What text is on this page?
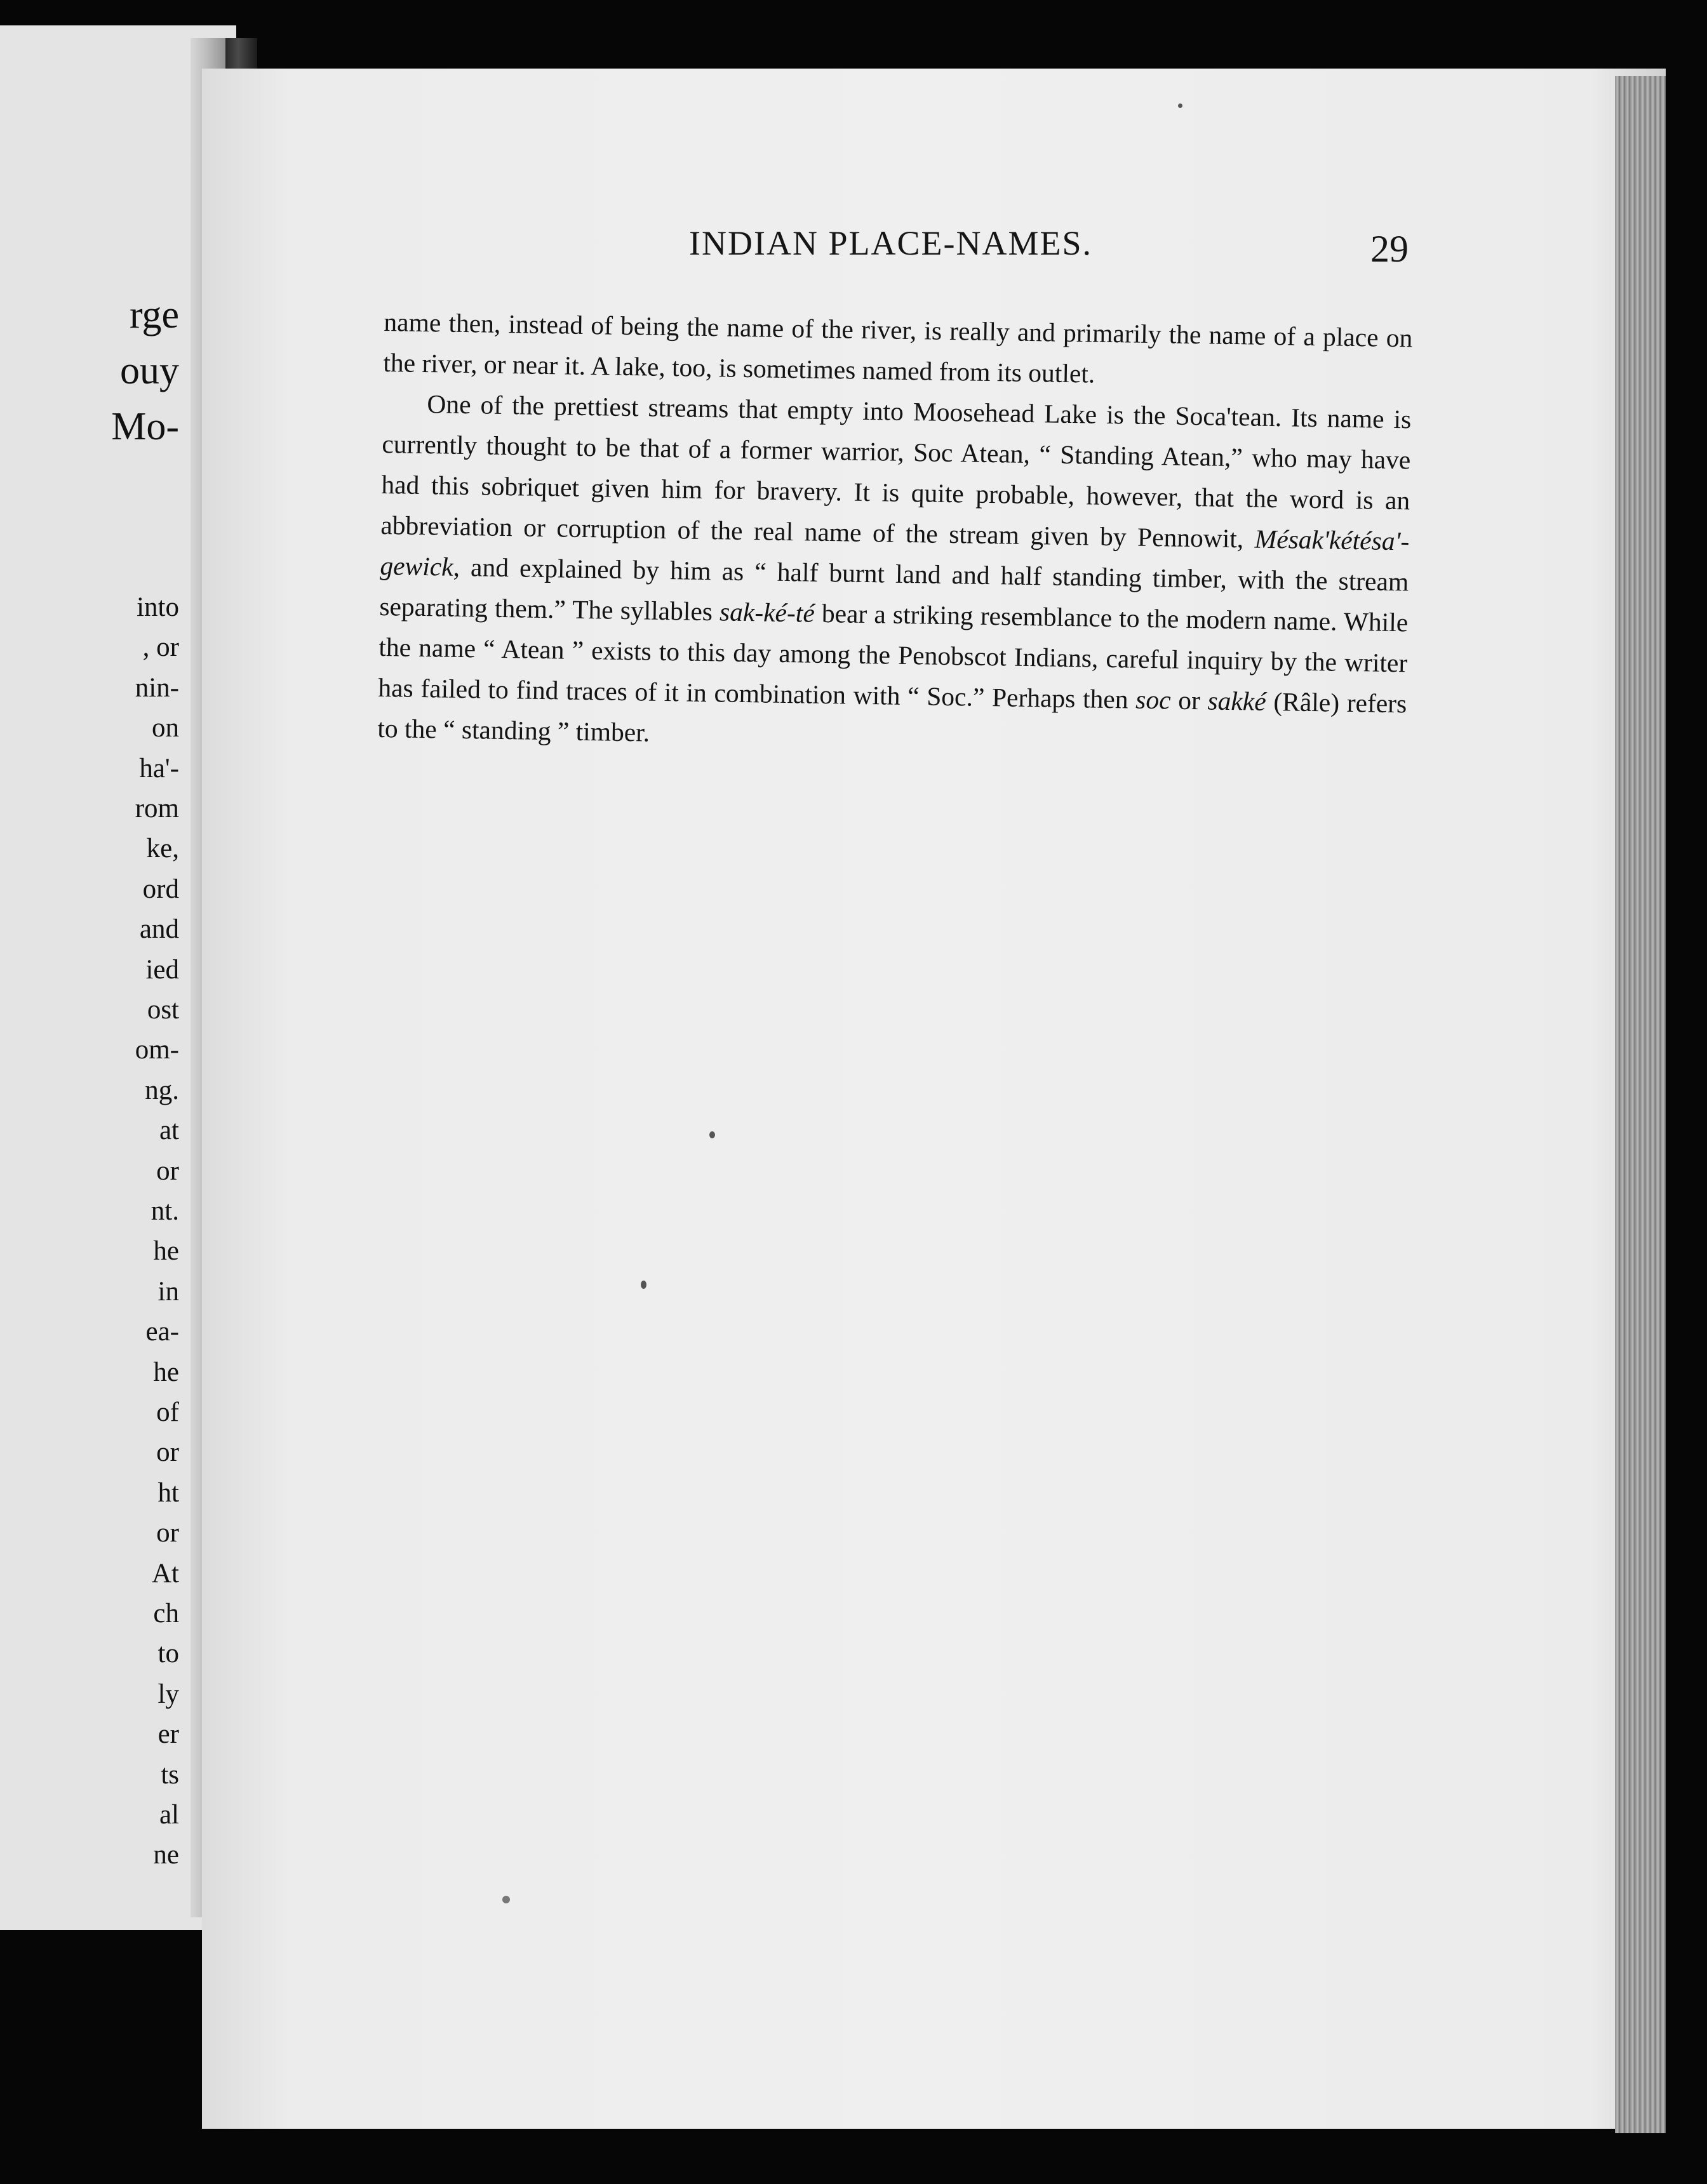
rge
ouy
Mo-
into
, or
nin-
on
ha'-
rom
ke,
ord
and
ied
ost
om-
ng.
at
or
nt.
he
in
ea-
he
of
or
ht
or
At
ch
to
ly
er
ts
al
ne
INDIAN PLACE-NAMES.	29

name then, instead of being the name of the river, is really and primarily the name of a place on the river, or near it. A lake, too, is sometimes named from its outlet.

One of the prettiest streams that empty into Moosehead Lake is the Soca'tean. Its name is currently thought to be that of a former warrior, Soc Atean, “ Standing Atean,” who may have had this sobriquet given him for bravery. It is quite probable, however, that the word is an abbreviation or corruption of the real name of the stream given by Pennowit, Mésak'kétésa'-gewick, and explained by him as “ half burnt land and half standing timber, with the stream separating them.” The syllables sak-ké-té bear a striking resemblance to the modern name. While the name “ Atean ” exists to this day among the Penobscot Indians, careful inquiry by the writer has failed to find traces of it in combination with “ Soc.” Perhaps then soc or sakké (Râle) refers to the “ standing ” timber.
